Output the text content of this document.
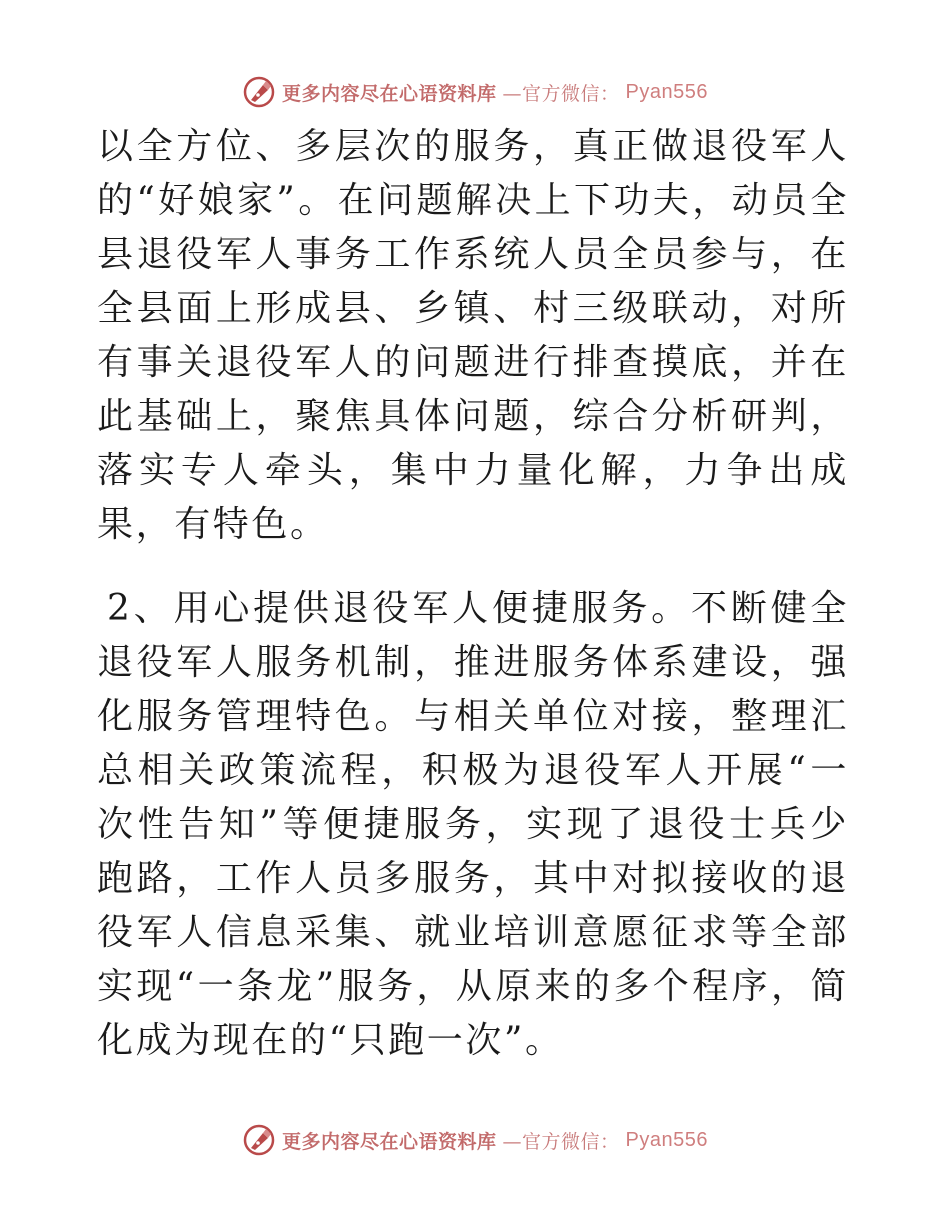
更多内容尽在心语资料库 —官方微信： Pyan556

以全方位、多层次的服务，真正做退役军人的“好娘家”。在问题解决上下功夫，动员全县退役军人事务工作系统人员全员参与，在全县面上形成县、乡镇、村三级联动，对所有事关退役军人的问题进行排查摸底，并在此基础上，聚焦具体问题，综合分析研判，落实专人牵头，集中力量化解，力争出成果，有特色。

2、用心提供退役军人便捷服务。不断健全退役军人服务机制，推进服务体系建设，强化服务管理特色。与相关单位对接，整理汇总相关政策流程，积极为退役军人开展“一次性告知”等便捷服务，实现了退役士兵少跑路，工作人员多服务，其中对拟接收的退役军人信息采集、就业培训意愿征求等全部实现“一条龙”服务，从原来的多个程序，简化成为现在的“只跑一次”。

更多内容尽在心语资料库 —官方微信： Pyan556
